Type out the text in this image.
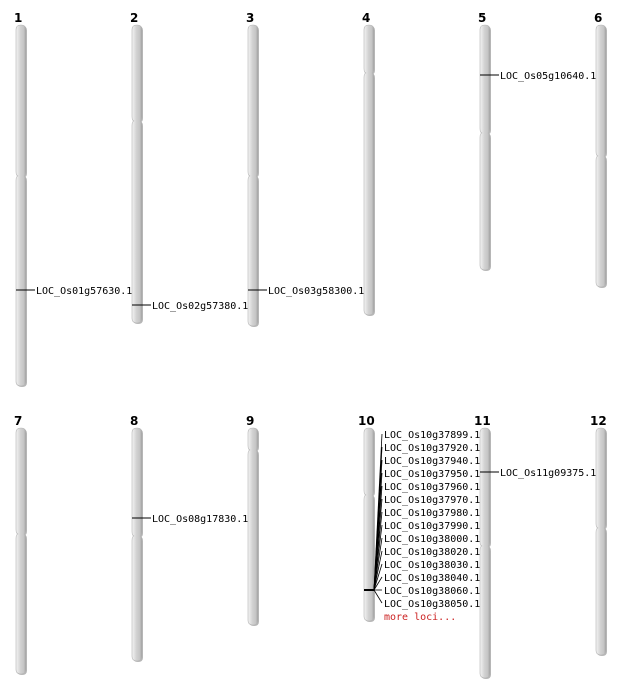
1
LOC_Os01g57630.1
2
LOC_Os02g57380.1
3
LOC_Os03g58300.1
4	5
LOC_Os05g10640.1
6
7	8
LOC_Os08g17830.1
9	10
LOC_Os10g37899.1
LOC_Os10g37920.1
LOC_Os10g37940.1
LOC_Os10g37950.1
LOC_Os10g37960.1
LOC_Os10g37970.1
LOC_Os10g37980.1
LOC_Os10g37990.1
LOC_Os10g38000.1
LOC_Os10g38020.1
LOC_Os10g38030.1
LOC_Os10g38040.1
LOC_Os10g38060.1
LOC_Os10g38050.1
more loci...
11
LOC_Os11g09375.1
12
